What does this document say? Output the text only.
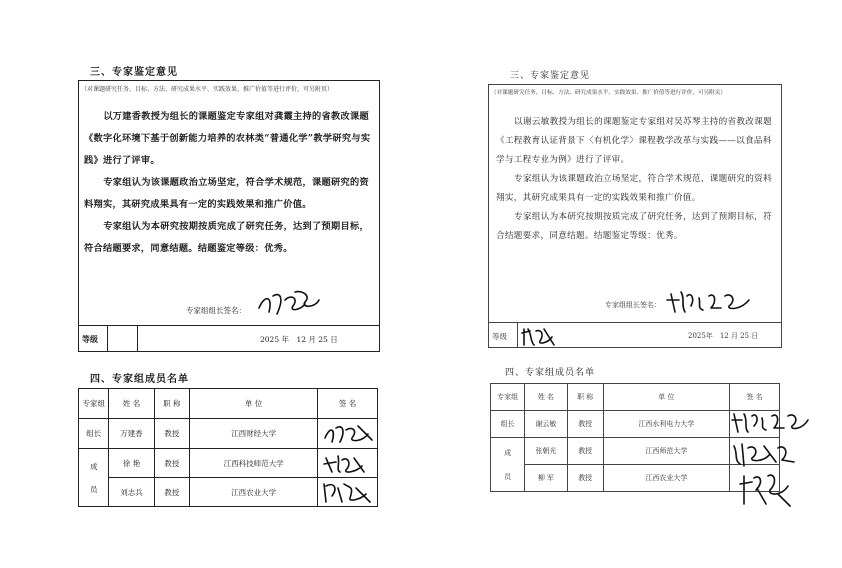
三、专家鉴定意见
（对课题研究任务、目标、方法、研究成果水平、实践效果、推广价值等进行评价，可另附页）

以万建香教授为组长的课题鉴定专家组对龚霞主持的省教改课题《数字化环境下基于创新能力培养的农林类“普通化学”教学研究与实践》进行了评审。

专家组认为该课题政治立场坚定，符合学术规范，课题研究的资料翔实，其研究成果具有一定的实践效果和推广价值。

专家组认为本研究按期按质完成了研究任务，达到了预期目标，符合结题要求，同意结题。结题鉴定等级：优秀。

专家组组长签名：
等级	2025 年　12 月 25 日
四、专家组成员名单
专家组	姓 名	职 称	单 位	签 名
组长	万建香	教授	江西财经大学	

成
员	徐 艳	教授	江西科技师范大学	
	刘志兵	教授	江西农业大学	
三、专家鉴定意见
（对课题研究任务、目标、方法、研究成果水平、实践效果、推广价值等进行评价，可另附页）

以谢云敏教授为组长的课题鉴定专家组对吴苏琴主持的省教改课题《工程教育认证背景下〈有机化学〉课程教学改革与实践——以食品科学与工程专业为例》进行了评审。

专家组认为该课题政治立场坚定，符合学术规范，课题研究的资料翔实，其研究成果具有一定的实践效果和推广价值。

专家组认为本研究按期按质完成了研究任务，达到了预期目标，符合结题要求，同意结题。结题鉴定等级：优秀。

专家组组长签名：
等级	2025年　12 月 25 日
四、专家组成员名单
专家组	姓 名	职 称	单 位	签 名
组长	谢云敏	教授	江西水利电力大学	

成
员	张朝光	教授	江西师范大学	
	柳 军	教授	江西农业大学	
